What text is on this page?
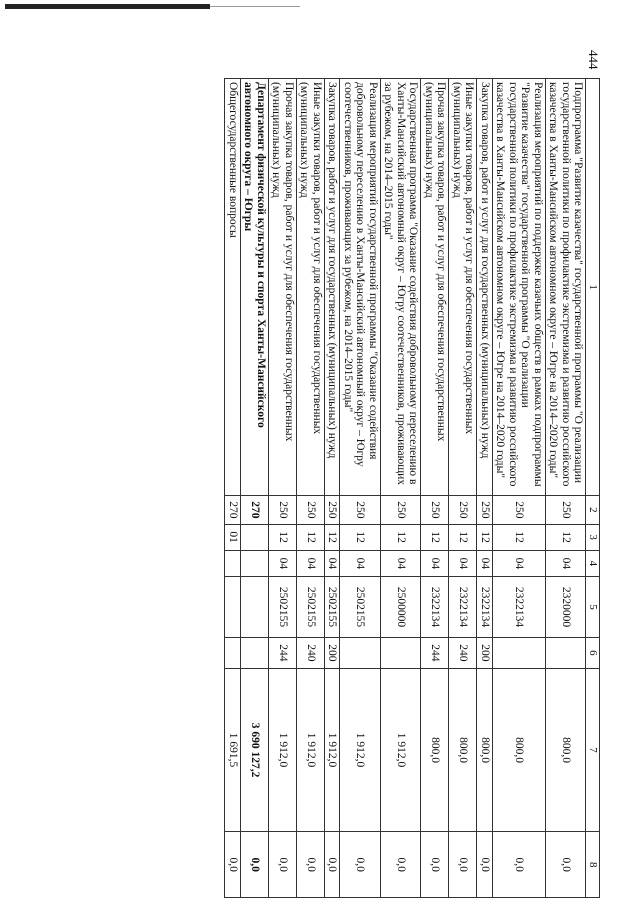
444
1	2	3	4	5	6	7	8
Подпрограмма "Развитие казачества" государственной программы "О реализации государственной политики по профилактике экстремизма и развитию российского казачества в Ханты-Мансийском автономном округе – Югре на 2014–2020 годы"	250	12	04	2320000		800,0	0,0
Реализация мероприятий по поддержке казачьих обществ в рамках подпрограммы "Развитие казачества" государственной программы "О реализации государственной политики по профилактике экстремизма и развитию российского казачества в Ханты-Мансийском автономном округе – Югре на 2014–2020 годы"	250	12	04	2322134		800,0	0,0
Закупка товаров, работ и услуг для государственных (муниципальных) нужд	250	12	04	2322134	200	800,0	0,0
Иные закупки товаров, работ и услуг для обеспечения государственных (муниципальных) нужд	250	12	04	2322134	240	800,0	0,0
Прочая закупка товаров, работ и услуг для обеспечения государственных (муниципальных) нужд	250	12	04	2322134	244	800,0	0,0
Государственная программа "Оказание содействия добровольному переселению в Ханты-Мансийский автономный округ – Югру соотечественников, проживающих за рубежом, на 2014–2015 годы"	250	12	04	2500000		1 912,0	0,0
Реализация мероприятий государственной программы "Оказание содействия добровольному переселению в Ханты-Мансийский автономный округ – Югру соотечественников, проживающих за рубежом, на 2014–2015 годы"	250	12	04	2502155		1 912,0	0,0
Закупка товаров, работ и услуг для государственных (муниципальных) нужд	250	12	04	2502155	200	1 912,0	0,0
Иные закупки товаров, работ и услуг для обеспечения государственных (муниципальных) нужд	250	12	04	2502155	240	1 912,0	0,0
Прочая закупка товаров, работ и услуг для обеспечения государственных (муниципальных) нужд	250	12	04	2502155	244	1 912,0	0,0
Департамент физической культуры и спорта Ханты-Мансийского автономного округа – Югры	270					3 690 127,2	0,0
Общегосударственные вопросы	270	01				1 691,5	0,0
